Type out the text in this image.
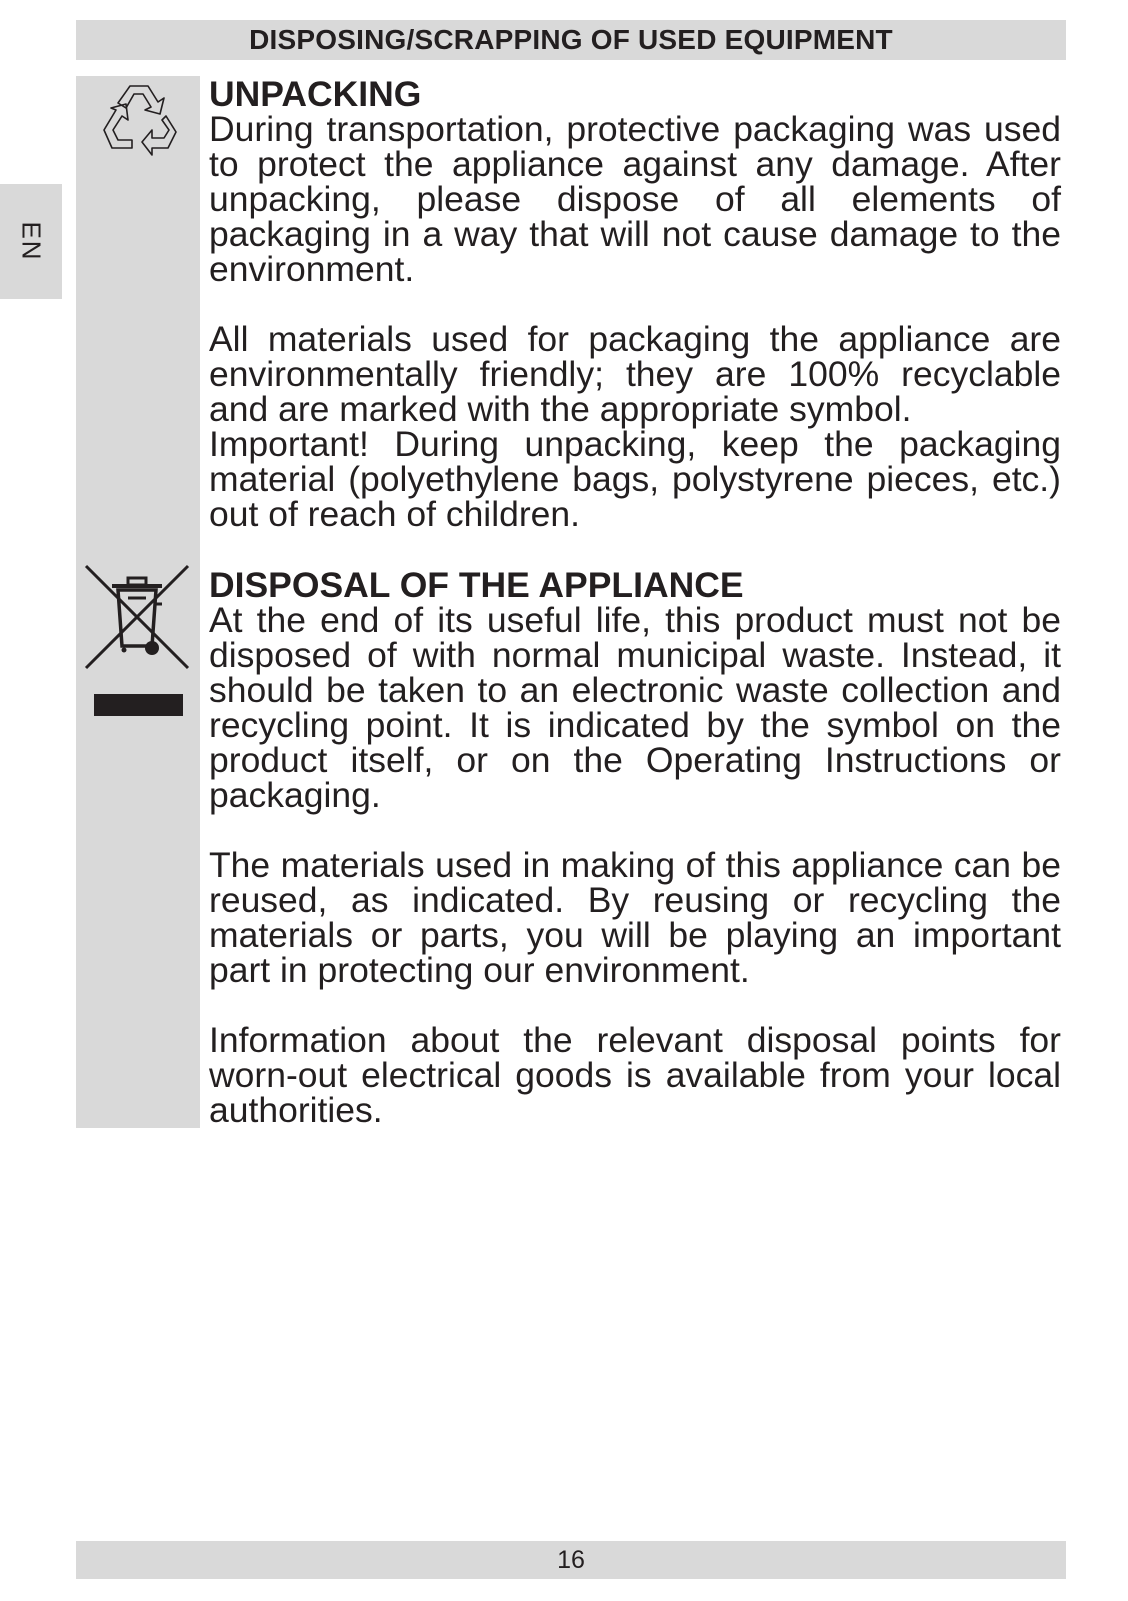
DISPOSING/SCRAPPING OF USED EQUIPMENT
EN
UNPACKING

During transportation, protective packaging was used to protect the appliance against any damage. After unpacking, please dispose of all elements of packaging in a way that will not cause damage to the environment.

All materials used for packaging the appliance are environmentally friendly; they are 100% recyclable and are marked with the appropriate symbol.

Important! During unpacking, keep the packaging material (polyethylene bags, polystyrene pieces, etc.) out of reach of children.

DISPOSAL OF THE APPLIANCE

At the end of its useful life, this product must not be disposed of with normal municipal waste. Instead, it should be taken to an electronic waste collection and recycling point. It is indicated by the symbol on the product itself, or on the Operating Instructions or packaging.

The materials used in making of this appliance can be reused, as indicated. By reusing or recycling the materials or parts, you will be playing an important part in protecting our environment.

Information about the relevant disposal points for worn-out electrical goods is available from your local authorities.

16
